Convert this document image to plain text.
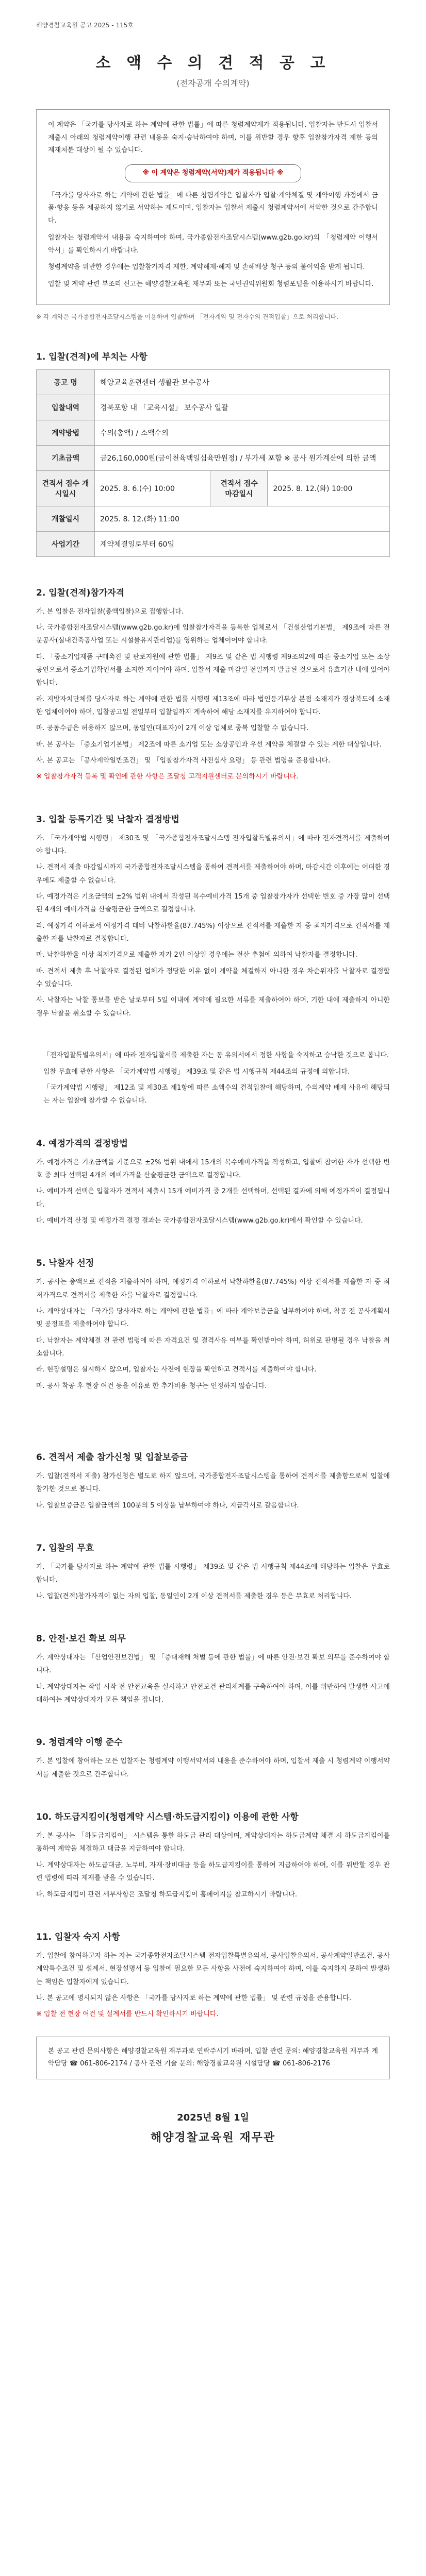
해양경찰교육원 공고 2025 - 115호
소 액 수 의 견 적 공 고
(전자공개 수의계약)
이 계약은 「국가를 당사자로 하는 계약에 관한 법률」에 따른 청렴계약제가 적용됩니다. 입찰자는 반드시 입찰서 제출시 아래의 청렴계약이행 관련 내용을 숙지·승낙하여야 하며, 이를 위반할 경우 향후 입찰참가자격 제한 등의 제재처분 대상이 될 수 있습니다.
※ 이 계약은 청렴계약(서약)제가 적용됩니다 ※
「국가를 당사자로 하는 계약에 관한 법률」에 따른 청렴계약은 입찰자가 입찰·계약체결 및 계약이행 과정에서 금품·향응 등을 제공하지 않기로 서약하는 제도이며, 입찰자는 입찰서 제출시 청렴계약서에 서약한 것으로 간주합니다.
입찰자는 청렴계약서 내용을 숙지하여야 하며, 국가종합전자조달시스템(www.g2b.go.kr)의 「청렴계약 이행서약서」를 확인하시기 바랍니다.
청렴계약을 위반한 경우에는 입찰참가자격 제한, 계약해제·해지 및 손해배상 청구 등의 불이익을 받게 됩니다.
입찰 및 계약 관련 부조리 신고는 해양경찰교육원 재무과 또는 국민권익위원회 청렴포털을 이용하시기 바랍니다.
※ 각 계약은 국가종합전자조달시스템을 이용하여 입찰하며 「전자계약 및 전자수의 견적입찰」으로 처리합니다.
1. 입찰(견적)에 부치는 사항
공고 명	해양교육훈련센터 생활관 보수공사		
입찰내역	경북포항 내 「교육시설」 보수공사 일괄		
계약방법	수의(총액) / 소액수의		
기초금액	금26,160,000원(금이천육백일십육만원정) / 부가세 포함 ※ 공사 원가계산에 의한 금액		
견적서 접수 개시일시	2025. 8. 6.(수) 10:00	견적서 접수 마감일시	2025. 8. 12.(화) 10:00
개찰일시	2025. 8. 12.(화) 11:00		
사업기간	계약체결일로부터 60일		
2. 입찰(견적)참가자격

가. 본 입찰은 전자입찰(총액입찰)으로 집행합니다.

나. 국가종합전자조달시스템(www.g2b.go.kr)에 입찰참가자격을 등록한 업체로서 「건설산업기본법」 제9조에 따른 전문공사(실내건축공사업 또는 시설물유지관리업)를 영위하는 업체이어야 합니다.

다. 「중소기업제품 구매촉진 및 판로지원에 관한 법률」 제9조 및 같은 법 시행령 제9조의2에 따른 중소기업 또는 소상공인으로서 중소기업확인서를 소지한 자이어야 하며, 입찰서 제출 마감일 전일까지 발급된 것으로서 유효기간 내에 있어야 합니다.

라. 지방자치단체를 당사자로 하는 계약에 관한 법률 시행령 제13조에 따라 법인등기부상 본점 소재지가 경상북도에 소재한 업체이어야 하며, 입찰공고일 전일부터 입찰일까지 계속하여 해당 소재지를 유지하여야 합니다.

마. 공동수급은 허용하지 않으며, 동일인(대표자)이 2개 이상 업체로 중복 입찰할 수 없습니다.

바. 본 공사는 「중소기업기본법」 제2조에 따른 소기업 또는 소상공인과 우선 계약을 체결할 수 있는 제한 대상입니다.

사. 본 공고는 「공사계약일반조건」 및 「입찰참가자격 사전심사 요령」 등 관련 법령을 준용합니다.

※ 입찰참가자격 등록 및 확인에 관한 사항은 조달청 고객지원센터로 문의하시기 바랍니다.

3. 입찰 등록기간 및 낙찰자 결정방법

가. 「국가계약법 시행령」 제30조 및 「국가종합전자조달시스템 전자입찰특별유의서」에 따라 전자견적서를 제출하여야 합니다.

나. 견적서 제출 마감일시까지 국가종합전자조달시스템을 통하여 견적서를 제출하여야 하며, 마감시간 이후에는 어떠한 경우에도 제출할 수 없습니다.

다. 예정가격은 기초금액의 ±2% 범위 내에서 작성된 복수예비가격 15개 중 입찰참가자가 선택한 번호 중 가장 많이 선택된 4개의 예비가격을 산술평균한 금액으로 결정합니다.

라. 예정가격 이하로서 예정가격 대비 낙찰하한율(87.745%) 이상으로 견적서를 제출한 자 중 최저가격으로 견적서를 제출한 자를 낙찰자로 결정합니다.

마. 낙찰하한율 이상 최저가격으로 제출한 자가 2인 이상일 경우에는 전산 추첨에 의하여 낙찰자를 결정합니다.

바. 견적서 제출 후 낙찰자로 결정된 업체가 정당한 이유 없이 계약을 체결하지 아니한 경우 차순위자를 낙찰자로 결정할 수 있습니다.

사. 낙찰자는 낙찰 통보를 받은 날로부터 5일 이내에 계약에 필요한 서류를 제출하여야 하며, 기한 내에 제출하지 아니한 경우 낙찰을 취소할 수 있습니다.

「전자입찰특별유의서」에 따라 전자입찰서를 제출한 자는 동 유의서에서 정한 사항을 숙지하고 승낙한 것으로 봅니다.

입찰 무효에 관한 사항은 「국가계약법 시행령」 제39조 및 같은 법 시행규칙 제44조의 규정에 의합니다.

「국가계약법 시행령」 제12조 및 제30조 제1항에 따른 소액수의 견적입찰에 해당하며, 수의계약 배제 사유에 해당되는 자는 입찰에 참가할 수 없습니다.

4. 예정가격의 결정방법

가. 예정가격은 기초금액을 기준으로 ±2% 범위 내에서 15개의 복수예비가격을 작성하고, 입찰에 참여한 자가 선택한 번호 중 최다 선택된 4개의 예비가격을 산술평균한 금액으로 결정합니다.

나. 예비가격 선택은 입찰자가 견적서 제출시 15개 예비가격 중 2개를 선택하며, 선택된 결과에 의해 예정가격이 결정됩니다.

다. 예비가격 산정 및 예정가격 결정 결과는 국가종합전자조달시스템(www.g2b.go.kr)에서 확인할 수 있습니다.

5. 낙찰자 선정

가. 공사는 총액으로 견적을 제출하여야 하며, 예정가격 이하로서 낙찰하한율(87.745%) 이상 견적서를 제출한 자 중 최저가격으로 견적서를 제출한 자를 낙찰자로 결정합니다.

나. 계약상대자는 「국가를 당사자로 하는 계약에 관한 법률」에 따라 계약보증금을 납부하여야 하며, 착공 전 공사계획서 및 공정표를 제출하여야 합니다.

다. 낙찰자는 계약체결 전 관련 법령에 따른 자격요건 및 결격사유 여부를 확인받아야 하며, 허위로 판명될 경우 낙찰을 취소합니다.

라. 현장설명은 실시하지 않으며, 입찰자는 사전에 현장을 확인하고 견적서를 제출하여야 합니다.

마. 공사 착공 후 현장 여건 등을 이유로 한 추가비용 청구는 인정하지 않습니다.

6. 견적서 제출 참가신청 및 입찰보증금

가. 입찰(견적서 제출) 참가신청은 별도로 하지 않으며, 국가종합전자조달시스템을 통하여 견적서를 제출함으로써 입찰에 참가한 것으로 봅니다.

나. 입찰보증금은 입찰금액의 100분의 5 이상을 납부하여야 하나, 지급각서로 갈음합니다.

7. 입찰의 무효

가. 「국가를 당사자로 하는 계약에 관한 법률 시행령」 제39조 및 같은 법 시행규칙 제44조에 해당하는 입찰은 무효로 합니다.

나. 입찰(견적)참가자격이 없는 자의 입찰, 동일인이 2개 이상 견적서를 제출한 경우 등은 무효로 처리합니다.

8. 안전·보건 확보 의무

가. 계약상대자는 「산업안전보건법」 및 「중대재해 처벌 등에 관한 법률」에 따른 안전·보건 확보 의무를 준수하여야 합니다.

나. 계약상대자는 작업 시작 전 안전교육을 실시하고 안전보건 관리체계를 구축하여야 하며, 이를 위반하여 발생한 사고에 대하여는 계약상대자가 모든 책임을 집니다.

9. 청렴계약 이행 준수

가. 본 입찰에 참여하는 모든 입찰자는 청렴계약 이행서약서의 내용을 준수하여야 하며, 입찰서 제출 시 청렴계약 이행서약서를 제출한 것으로 간주합니다.

10. 하도급지킴이(청렴계약 시스템·하도급지킴이) 이용에 관한 사항

가. 본 공사는 「하도급지킴이」 시스템을 통한 하도급 관리 대상이며, 계약상대자는 하도급계약 체결 시 하도급지킴이를 통하여 계약을 체결하고 대금을 지급하여야 합니다.

나. 계약상대자는 하도급대금, 노무비, 자재·장비대금 등을 하도급지킴이를 통하여 지급하여야 하며, 이를 위반할 경우 관련 법령에 따라 제재를 받을 수 있습니다.

다. 하도급지킴이 관련 세부사항은 조달청 하도급지킴이 홈페이지를 참고하시기 바랍니다.

11. 입찰자 숙지 사항

가. 입찰에 참여하고자 하는 자는 국가종합전자조달시스템 전자입찰특별유의서, 공사입찰유의서, 공사계약일반조건, 공사계약특수조건 및 설계서, 현장설명서 등 입찰에 필요한 모든 사항을 사전에 숙지하여야 하며, 이를 숙지하지 못하여 발생하는 책임은 입찰자에게 있습니다.

나. 본 공고에 명시되지 않은 사항은 「국가를 당사자로 하는 계약에 관한 법률」 및 관련 규정을 준용합니다.

※ 입찰 전 현장 여건 및 설계서를 반드시 확인하시기 바랍니다.

본 공고 관련 문의사항은 해양경찰교육원 재무과로 연락주시기 바라며, 입찰 관련 문의: 해양경찰교육원 재무과 계약담당 ☎ 061-806-2174 / 공사 관련 기술 문의: 해양경찰교육원 시설담당 ☎ 061-806-2176
2025년 8월 1일
해양경찰교육원 재무관
